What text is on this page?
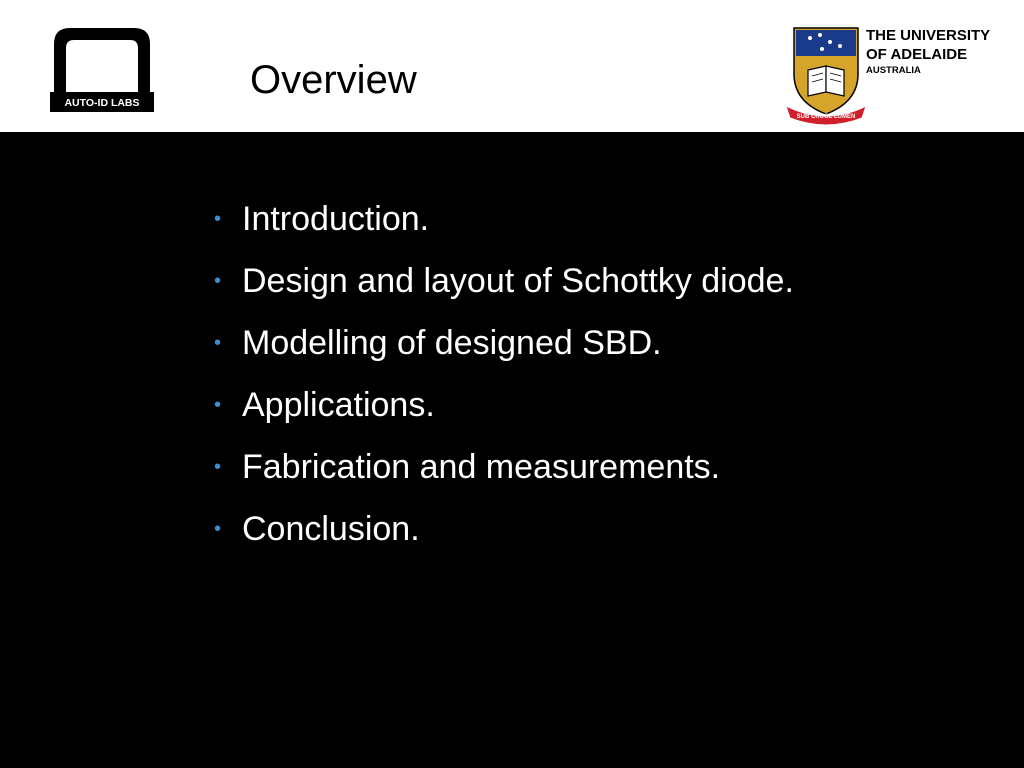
AUTO-ID LABS
Overview
SUB CRUCE LUMEN
THE UNIVERSITY
OF ADELAIDE
AUSTRALIA
• Introduction.
• Design and layout of Schottky diode.
• Modelling of designed SBD.
• Applications.
• Fabrication and measurements.
• Conclusion.
